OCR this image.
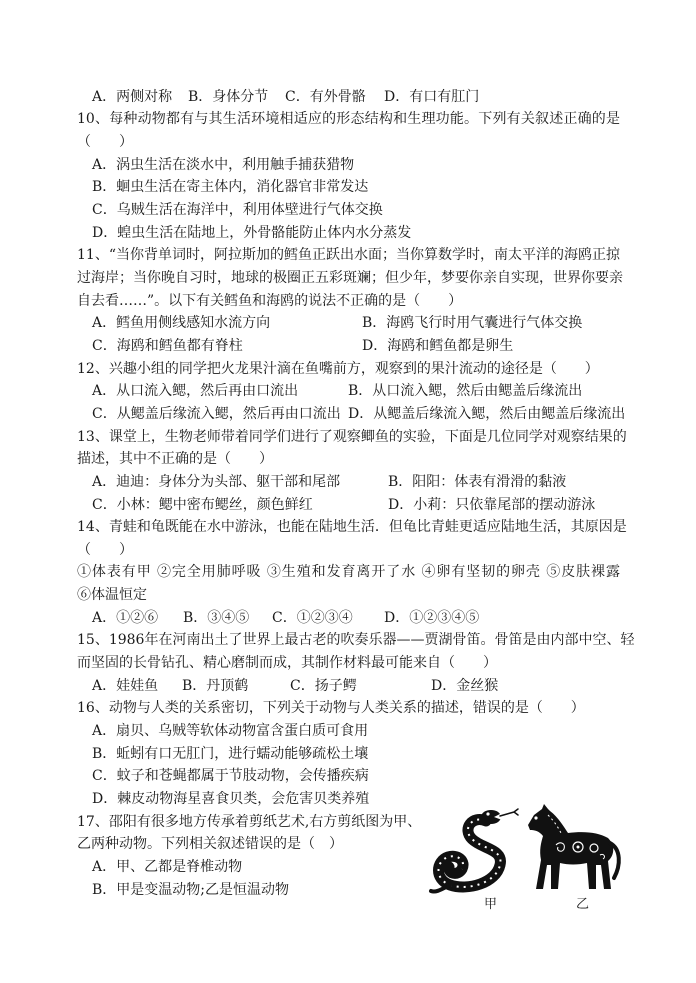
A．两侧对称 B．身体分节 C．有外骨骼 D．有口有肛门
10、每种动物都有与其生活环境相适应的形态结构和生理功能。下列有关叙述正确的是
（　　）
A．涡虫生活在淡水中，利用触手捕获猎物
B．蛔虫生活在寄主体内，消化器官非常发达
C．乌贼生活在海洋中，利用体壁进行气体交换
D．蝗虫生活在陆地上，外骨骼能防止体内水分蒸发
11、“当你背单词时，阿拉斯加的鳕鱼正跃出水面；当你算数学时，南太平洋的海鸥正掠
过海岸；当你晚自习时，地球的极圈正五彩斑斓；但少年，梦要你亲自实现，世界你要亲
自去看……”。以下有关鳕鱼和海鸥的说法不正确的是（　　）
A．鳕鱼用侧线感知水流方向	B．海鸥飞行时用气囊进行气体交换
C．海鸥和鳕鱼都有脊柱	D．海鸥和鳕鱼都是卵生
12、兴趣小组的同学把火龙果汁滴在鱼嘴前方，观察到的果汁流动的途径是（　　）
A．从口流入鳃，然后再由口流出	B．从口流入鳃，然后由鳃盖后缘流出
C．从鳃盖后缘流入鳃，然后再由口流出 D．从鳃盖后缘流入鳃，然后由鳃盖后缘流出
13、课堂上，生物老师带着同学们进行了观察鲫鱼的实验，下面是几位同学对观察结果的
描述，其中不正确的是（　　）
A．迪迪：身体分为头部、躯干部和尾部	B．阳阳：体表有滑滑的黏液
C．小林：鳃中密布鳃丝，颜色鲜红	D．小莉：只依靠尾部的摆动游泳
14、青蛙和龟既能在水中游泳，也能在陆地生活．但龟比青蛙更适应陆地生活，其原因是
（　　）
①体表有甲 ②完全用肺呼吸 ③生殖和发育离开了水 ④卵有坚韧的卵壳 ⑤皮肤裸露
⑥体温恒定
A．①②⑥ B．③④⑤ C．①②③④ D．①②③④⑤
15、1986年在河南出土了世界上最古老的吹奏乐器——贾湖骨笛。骨笛是由内部中空、轻
而坚固的长骨钻孔、精心磨制而成，其制作材料最可能来自（　　）
A．娃娃鱼 B．丹顶鹤	C．扬子鳄	D．金丝猴
16、动物与人类的关系密切，下列关于动物与人类关系的描述，错误的是（　　）
A．扇贝、乌贼等软体动物富含蛋白质可食用
B．蚯蚓有口无肛门，进行蠕动能够疏松土壤
C．蚊子和苍蝇都属于节肢动物，会传播疾病
D．棘皮动物海星喜食贝类，会危害贝类养殖
17、邵阳有很多地方传承着剪纸艺术,右方剪纸图为甲、
乙两种动物。下列相关叙述错误的是（　）
A．甲、乙都是脊椎动物
B．甲是变温动物;乙是恒温动物
甲	乙
